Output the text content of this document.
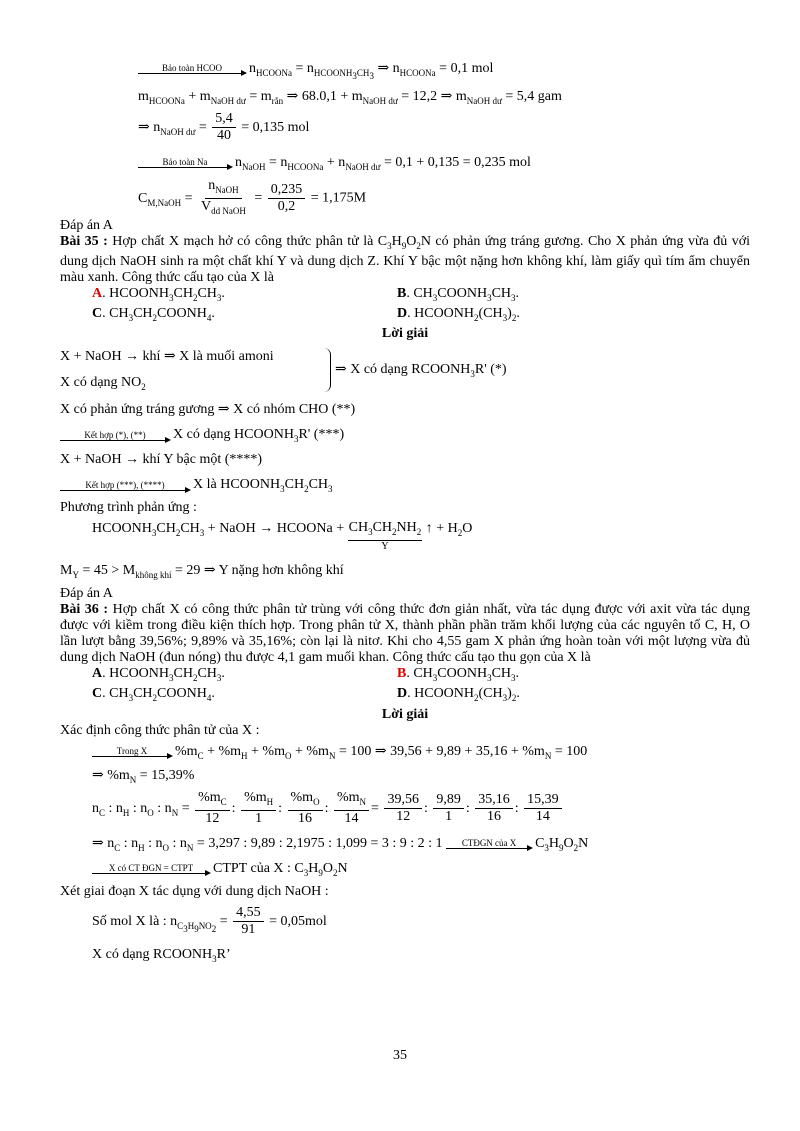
Bảo toàn HCOO	$n_{HCOONa} = n_{HCOONH_3CH_3}$ ⇒ $n_{HCOONa} = 0,1$ mol
$m_{HCOONa} + m_{NaOH dư} = m_{rắn}$ ⇒ $68.0,1 + m_{NaOH dư} = 12,2$ ⇒ $m_{NaOH dư} = 5,4$ gam
⇒ $n_{NaOH dư} = \frac{5,4}{40} = 0,135$ mol
Bảo toàn Na	$n_{NaOH} = n_{HCOONa} + n_{NaOH dư} = 0,1 + 0,135 = 0,235$ mol
$C_{M,NaOH} = \frac{n_{NaOH}}{V_{dd NaOH}} = \frac{0,235}{0,2} = 1,175M$

Đáp án A

Bài 35 : Hợp chất X mạch hở có công thức phân tử là $C_3H_9O_2N$ có phản ứng tráng gương. Cho X phản ứng vừa đủ với dung dịch NaOH sinh ra một chất khí Y và dung dịch Z. Khí Y bậc một nặng hơn không khí, làm giấy quì tím ẩm chuyển màu xanh. Công thức cấu tạo của X là

A. $HCOONH_3CH_2CH_3$.	B. $CH_3COONH_3CH_3$.
C. $CH_3CH_2COONH_4$.	D. $HCOONH_2(CH_3)_2$.
Lời giải
X + NaOH → khí ⇒ X là muối amoni
X có dạng $NO_2$
⇒ X có dạng $RCOONH_3R'$ (*)
X có phản ứng tráng gương ⇒ X có nhóm CHO (**)
Kết hợp (*), (**)	X có dạng $HCOONH_3R'$ (***)
X + NaOH → khí Y bậc một (****)
Kết hợp (***), (****)	X là $HCOONH_3CH_2CH_3$

Phương trình phản ứng :

$HCOONH_3CH_2CH_3$ + NaOH → HCOONa + $CH_3CH_2NH_2$
Y
↑ + $H_2O$
$M_Y = 45 > M_{không khí} = 29$ ⇒ Y nặng hơn không khí

Đáp án A

Bài 36 : Hợp chất X có công thức phân tử trùng với công thức đơn giản nhất, vừa tác dụng được với axit vừa tác dụng được với kiềm trong điều kiện thích hợp. Trong phân tử X, thành phần phần trăm khối lượng của các nguyên tố C, H, O lần lượt bằng 39,56%; 9,89% và 35,16%; còn lại là nitơ. Khi cho 4,55 gam X phản ứng hoàn toàn với một lượng vừa đủ dung dịch NaOH (đun nóng) thu được 4,1 gam muối khan. Công thức cấu tạo thu gọn của X là

A. $HCOONH_3CH_2CH_3$.	B. $CH_3COONH_3CH_3$.
C. $CH_3CH_2COONH_4$.	D. $HCOONH_2(CH_3)_2$.
Lời giải

Xác định công thức phân tử của X :

Trong X	$\%m_C + \%m_H + \%m_O + \%m_N = 100$ ⇒ $39,56 + 9,89 + 35,16 + \%m_N = 100$
⇒ $\%m_N = 15,39\%$
$n_C$ : $n_H$ : $n_O$ : $n_N = \frac{\%m_C}{12}$ : $\frac{\%m_H}{1}$ : $\frac{\%m_O}{16}$ : $\frac{\%m_N}{14} = \frac{39,56}{12}$ : $\frac{9,89}{1}$ : $\frac{35,16}{16}$ : $\frac{15,39}{14}$
⇒ $n_C$ : $n_H$ : $n_O$ : $n_N = 3,297$ : 9,89 : 2,1975 : 1,099 = 3 : 9 : 2 : 1	CTĐGN của X	$C_3H_9O_2N$
X có CT ĐGN = CTPT	CTPT của X : $C_3H_9O_2N$

Xét giai đoạn X tác dụng với dung dịch NaOH :

Số mol X là : $n_{C_3H_9NO_2} = \frac{4,55}{91} = 0,05mol$
X có dạng $RCOONH_3R$’
35
